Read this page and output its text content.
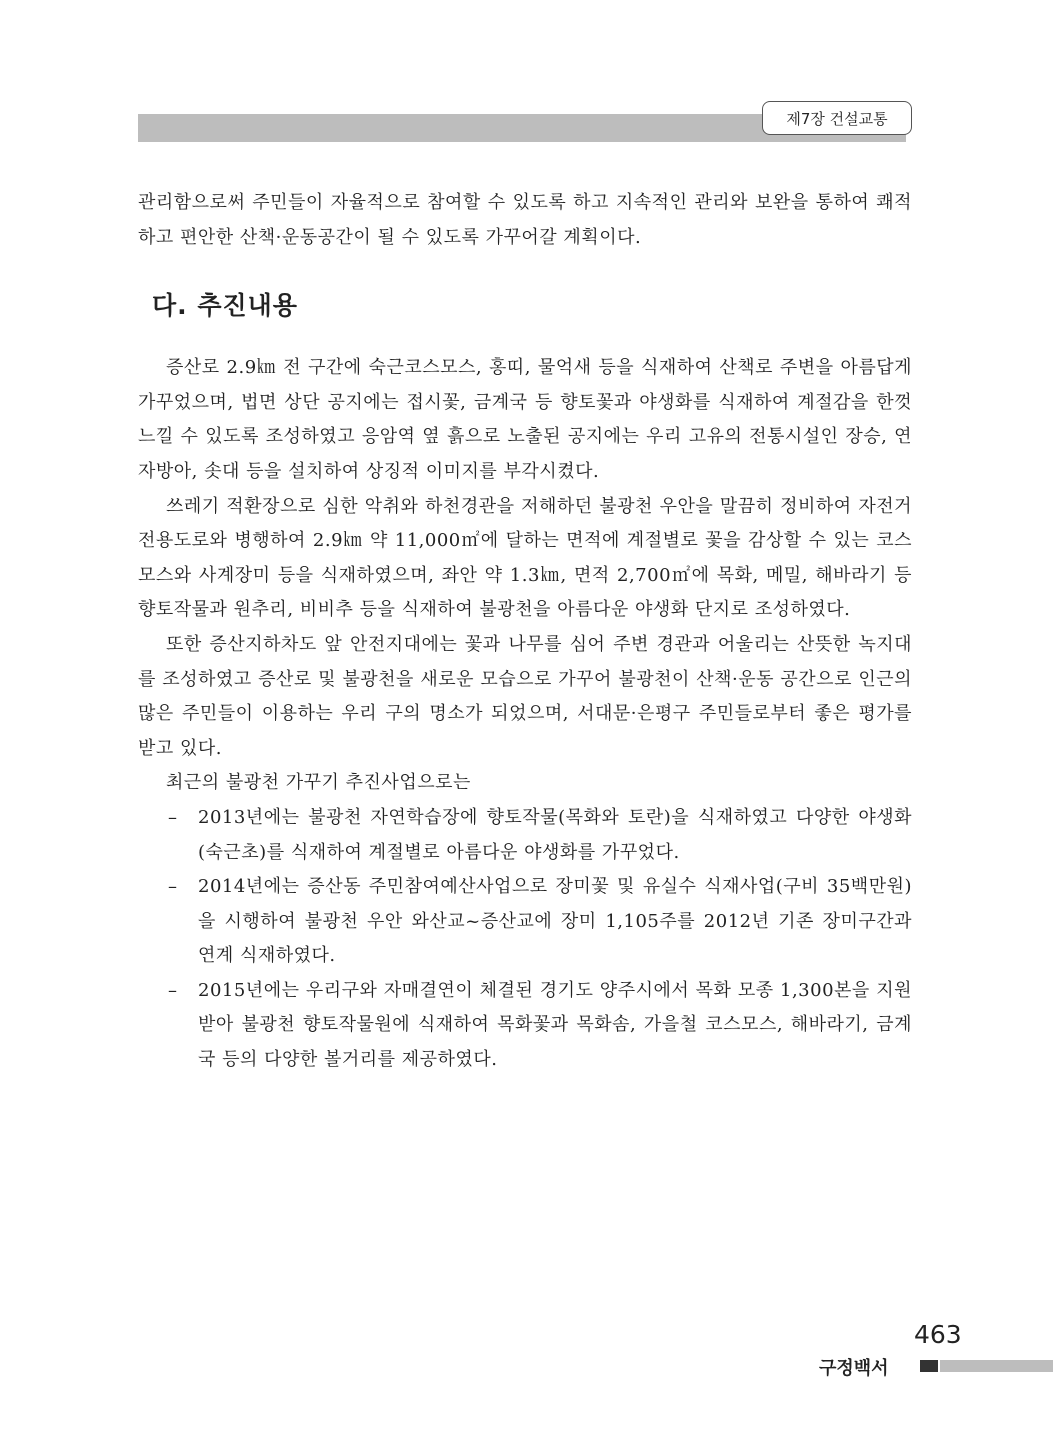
제7장 건설교통

관리함으로써 주민들이 자율적으로 참여할 수 있도록 하고 지속적인 관리와 보완을 통하여 쾌적하고 편안한 산책·운동공간이 될 수 있도록 가꾸어갈 계획이다.

다. 추진내용

증산로 2.9㎞ 전 구간에 숙근코스모스, 홍띠, 물억새 등을 식재하여 산책로 주변을 아름답게 가꾸었으며, 법면 상단 공지에는 접시꽃, 금계국 등 향토꽃과 야생화를 식재하여 계절감을 한껏 느낄 수 있도록 조성하였고 응암역 옆 흙으로 노출된 공지에는 우리 고유의 전통시설인 장승, 연자방아, 솟대 등을 설치하여 상징적 이미지를 부각시켰다.

쓰레기 적환장으로 심한 악취와 하천경관을 저해하던 불광천 우안을 말끔히 정비하여 자전거 전용도로와 병행하여 2.9㎞ 약 11,000㎡에 달하는 면적에 계절별로 꽃을 감상할 수 있는 코스모스와 사계장미 등을 식재하였으며, 좌안 약 1.3㎞, 면적 2,700㎡에 목화, 메밀, 해바라기 등 향토작물과 원추리, 비비추 등을 식재하여 불광천을 아름다운 야생화 단지로 조성하였다.

또한 증산지하차도 앞 안전지대에는 꽃과 나무를 심어 주변 경관과 어울리는 산뜻한 녹지대를 조성하였고 증산로 및 불광천을 새로운 모습으로 가꾸어 불광천이 산책·운동 공간으로 인근의 많은 주민들이 이용하는 우리 구의 명소가 되었으며, 서대문·은평구 주민들로부터 좋은 평가를 받고 있다.

최근의 불광천 가꾸기 추진사업으로는

– 2013년에는 불광천 자연학습장에 향토작물(목화와 토란)을 식재하였고 다양한 야생화(숙근초)를 식재하여 계절별로 아름다운 야생화를 가꾸었다.
– 2014년에는 증산동 주민참여예산사업으로 장미꽃 및 유실수 식재사업(구비 35백만원)을 시행하여 불광천 우안 와산교~증산교에 장미 1,105주를 2012년 기존 장미구간과 연계 식재하였다.
– 2015년에는 우리구와 자매결연이 체결된 경기도 양주시에서 목화 모종 1,300본을 지원받아 불광천 향토작물원에 식재하여 목화꽃과 목화솜, 가을철 코스모스, 해바라기, 금계국 등의 다양한 볼거리를 제공하였다.
463
구정백서
